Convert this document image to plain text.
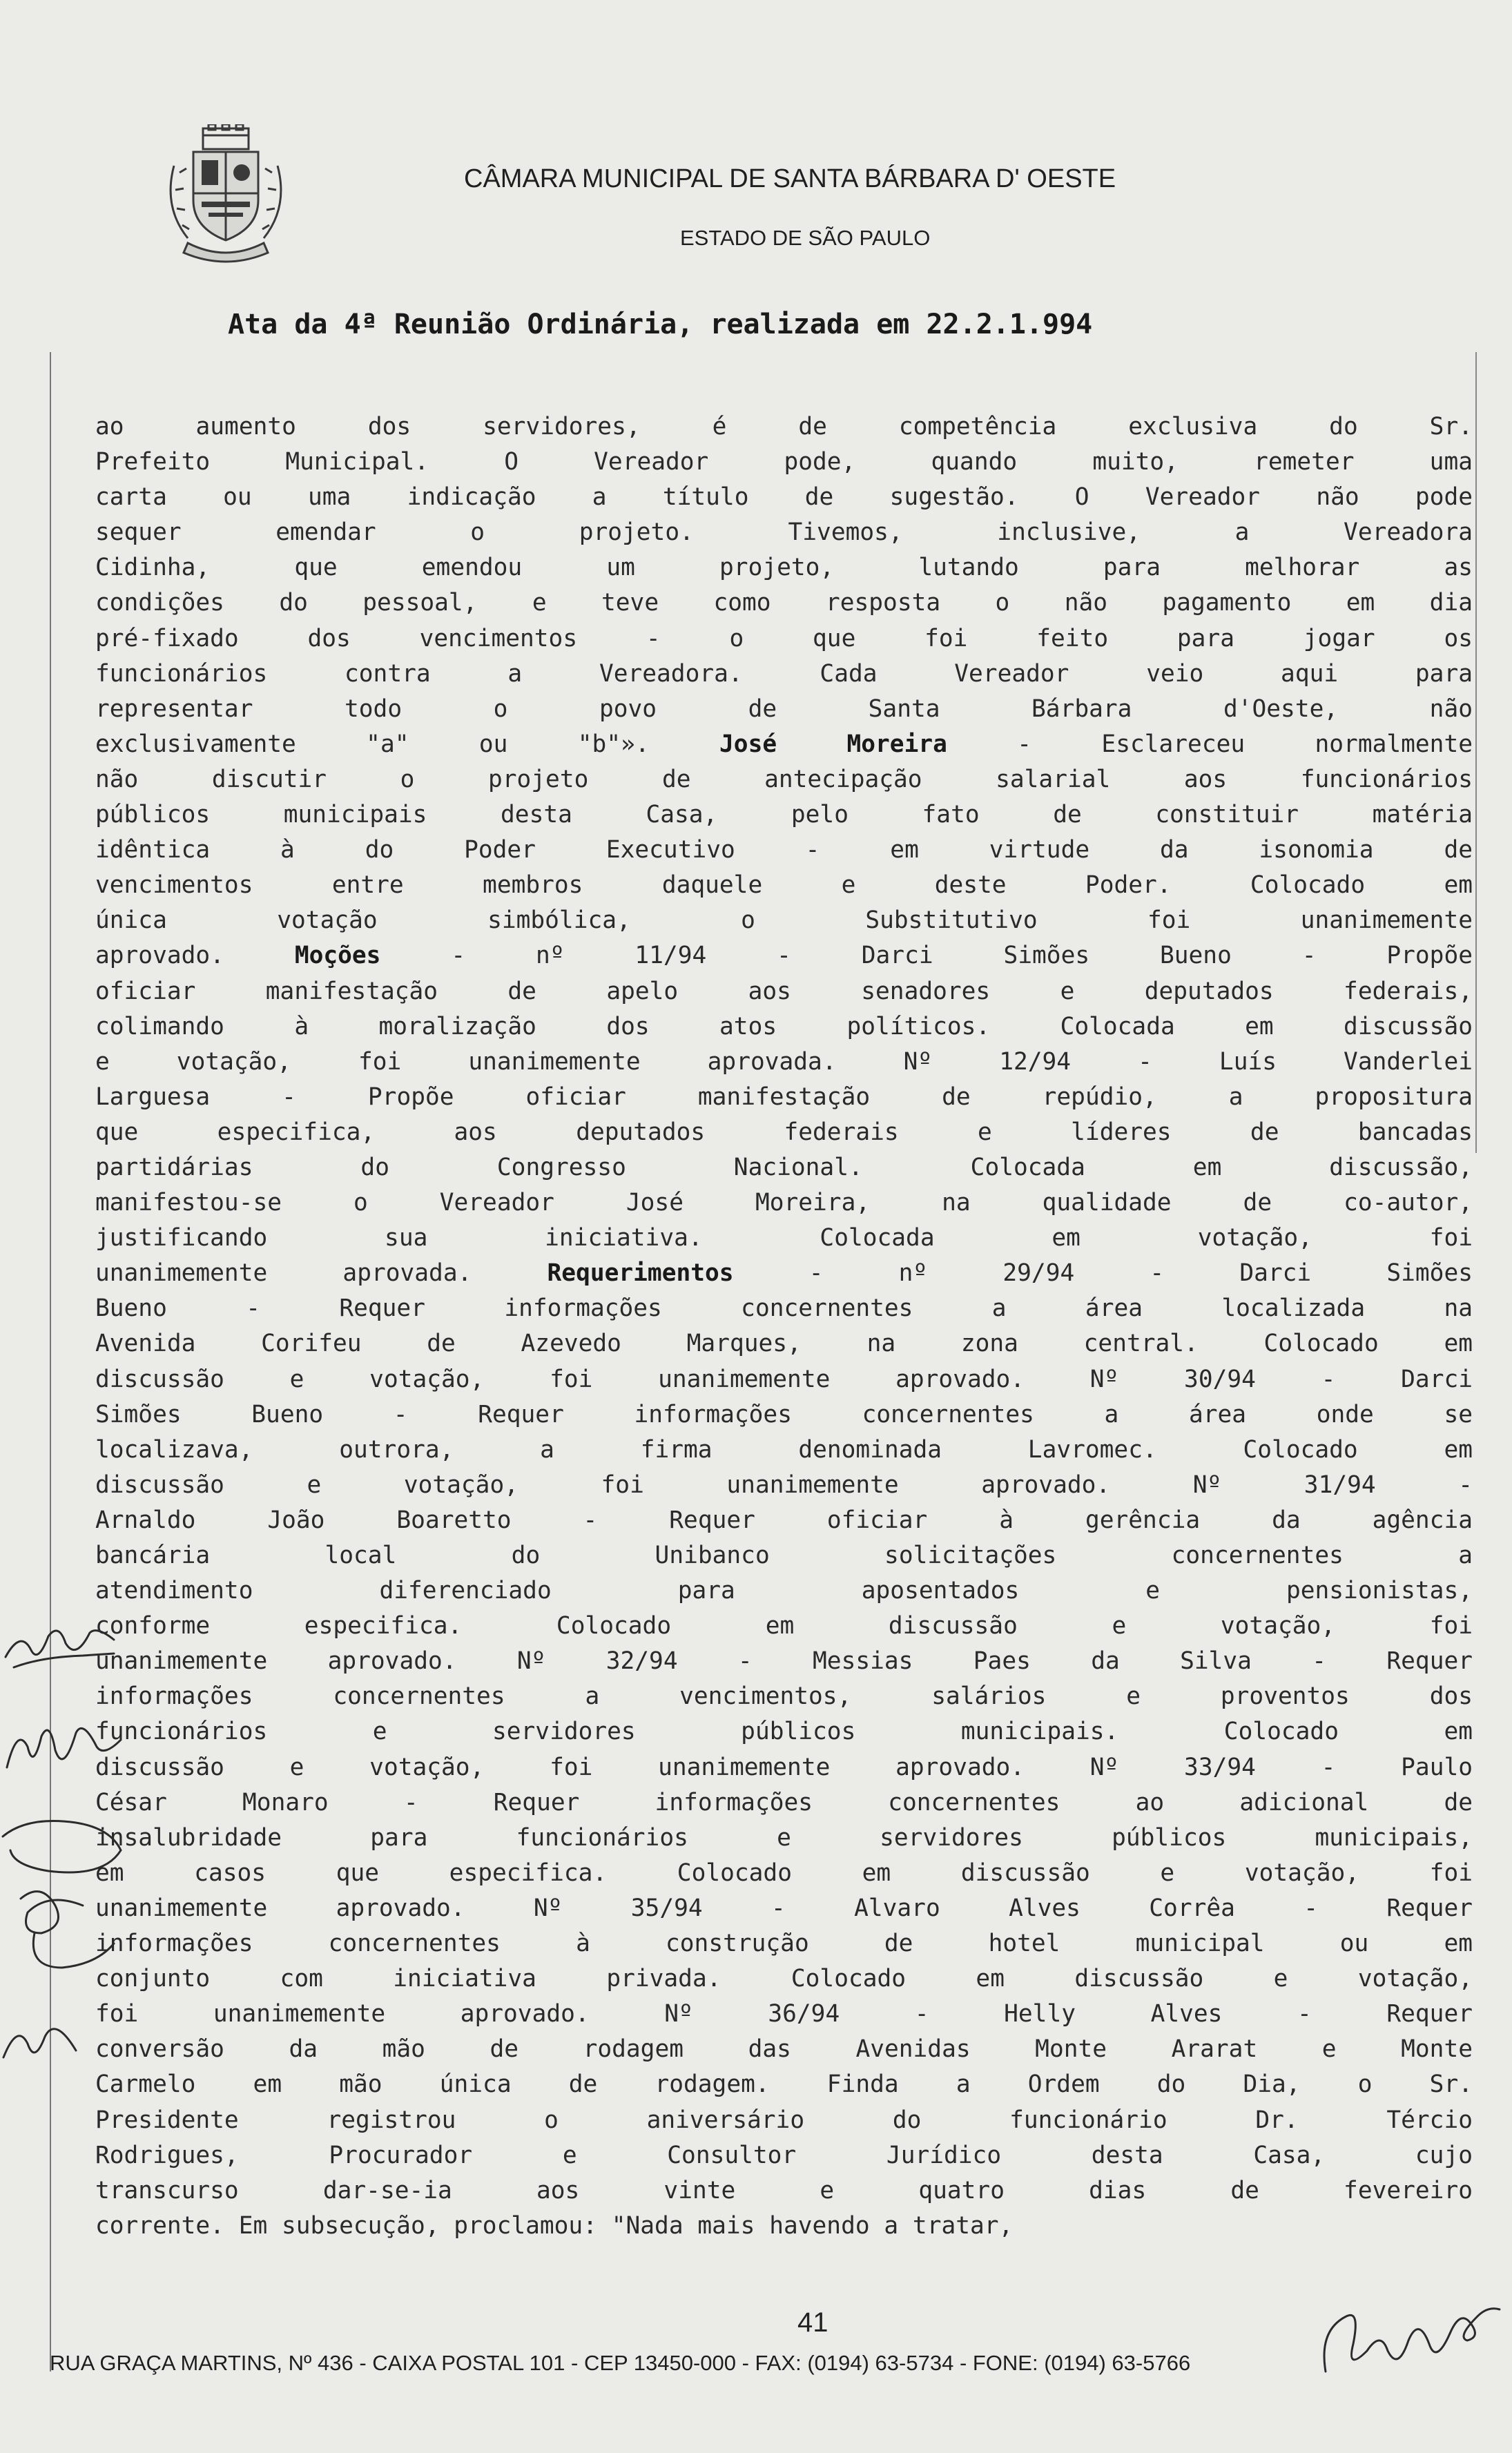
CÂMARA MUNICIPAL DE SANTA BÁRBARA D' OESTE
ESTADO DE SÃO PAULO
Ata da 4ª Reunião Ordinária, realizada em 22.2.1.994
ao aumento dos servidores, é de competência exclusiva do Sr.
Prefeito Municipal. O Vereador pode, quando muito, remeter uma
carta ou uma indicação a título de sugestão. O Vereador não pode
sequer emendar o projeto. Tivemos, inclusive, a Vereadora
Cidinha, que emendou um projeto, lutando para melhorar as
condições do pessoal, e teve como resposta o não pagamento em dia
pré-fixado dos vencimentos - o que foi feito para jogar os
funcionários contra a Vereadora. Cada Vereador veio aqui para
representar todo o povo de Santa Bárbara d'Oeste, não
exclusivamente "a" ou "b"». José Moreira - Esclareceu normalmente
não discutir o projeto de antecipação salarial aos funcionários
públicos municipais desta Casa, pelo fato de constituir matéria
idêntica à do Poder Executivo - em virtude da isonomia de
vencimentos entre membros daquele e deste Poder. Colocado em
única votação simbólica, o Substitutivo foi unanimemente
aprovado. Moções - nº 11/94 - Darci Simões Bueno - Propõe
oficiar manifestação de apelo aos senadores e deputados federais,
colimando à moralização dos atos políticos. Colocada em discussão
e votação, foi unanimemente aprovada. Nº 12/94 - Luís Vanderlei
Larguesa - Propõe oficiar manifestação de repúdio, a propositura
que especifica, aos deputados federais e líderes de bancadas
partidárias do Congresso Nacional. Colocada em discussão,
manifestou-se o Vereador José Moreira, na qualidade de co-autor,
justificando sua iniciativa. Colocada em votação, foi
unanimemente aprovada. Requerimentos - nº 29/94 - Darci Simões
Bueno - Requer informações concernentes a área localizada na
Avenida Corifeu de Azevedo Marques, na zona central. Colocado em
discussão e votação, foi unanimemente aprovado. Nº 30/94 - Darci
Simões Bueno - Requer informações concernentes a área onde se
localizava, outrora, a firma denominada Lavromec. Colocado em
discussão e votação, foi unanimemente aprovado. Nº 31/94 -
Arnaldo João Boaretto - Requer oficiar à gerência da agência
bancária local do Unibanco solicitações concernentes a
atendimento diferenciado para aposentados e pensionistas,
conforme especifica. Colocado em discussão e votação, foi
unanimemente aprovado. Nº 32/94 - Messias Paes da Silva - Requer
informações concernentes a vencimentos, salários e proventos dos
funcionários e servidores públicos municipais. Colocado em
discussão e votação, foi unanimemente aprovado. Nº 33/94 - Paulo
César Monaro - Requer informações concernentes ao adicional de
insalubridade para funcionários e servidores públicos municipais,
em casos que especifica. Colocado em discussão e votação, foi
unanimemente aprovado. Nº 35/94 - Alvaro Alves Corrêa - Requer
informações concernentes à construção de hotel municipal ou em
conjunto com iniciativa privada. Colocado em discussão e votação,
foi unanimemente aprovado. Nº 36/94 - Helly Alves - Requer
conversão da mão de rodagem das Avenidas Monte Ararat e Monte
Carmelo em mão única de rodagem. Finda a Ordem do Dia, o Sr.
Presidente registrou o aniversário do funcionário Dr. Tércio
Rodrigues, Procurador e Consultor Jurídico desta Casa, cujo
transcurso dar-se-ia aos vinte e quatro dias de fevereiro
corrente. Em subsecução, proclamou: "Nada mais havendo a tratar,
41
RUA GRAÇA MARTINS, Nº 436 - CAIXA POSTAL 101 - CEP 13450-000 - FAX: (0194) 63-5734 - FONE: (0194) 63-5766
